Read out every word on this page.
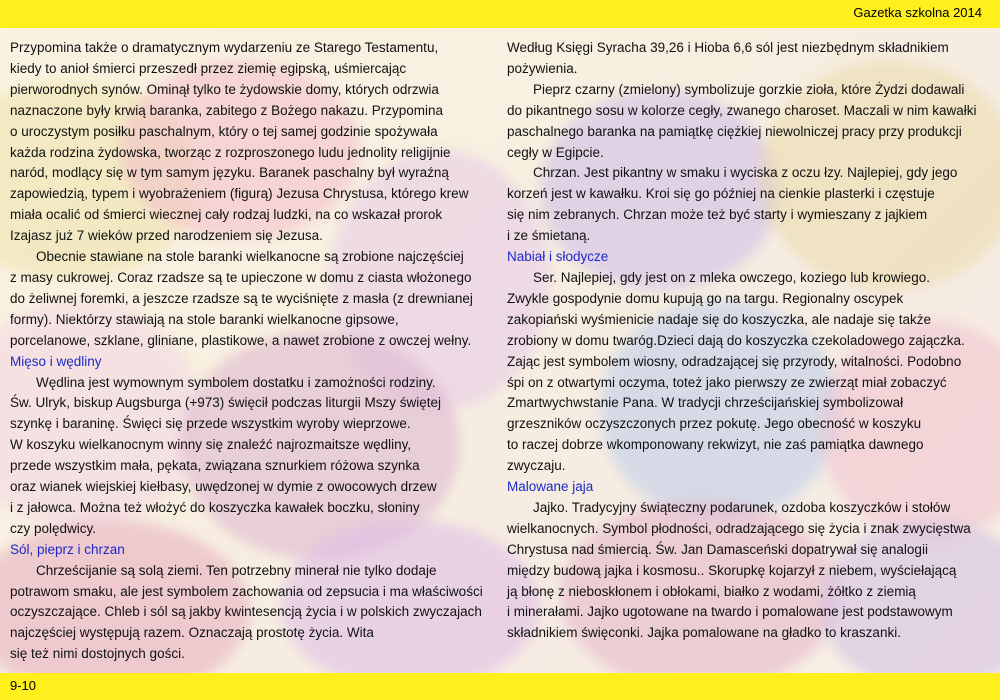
Gazetka szkolna 2014

Przypomina także o dramatycznym wydarzeniu ze Starego Testamentu,
kiedy to anioł śmierci przeszedł przez ziemię egipską, uśmiercając
pierworodnych synów. Ominął tylko te żydowskie domy, których odrzwia
naznaczone były krwią baranka, zabitego z Bożego nakazu. Przypomina
o uroczystym posiłku paschalnym, który o tej samej godzinie spożywała
każda rodzina żydowska, tworząc z rozproszonego ludu jednolity religijnie
naród, modlący się w tym samym języku. Baranek paschalny był wyraźną
zapowiedzią, typem i wyobrażeniem (figurą) Jezusa Chrystusa, którego krew
miała ocalić od śmierci wiecznej cały rodzaj ludzki, na co wskazał prorok
Izajasz już 7 wieków przed narodzeniem się Jezusa.

Obecnie stawiane na stole baranki wielkanocne są zrobione najczęściej
z masy cukrowej. Coraz rzadsze są te upieczone w domu z ciasta włożonego
do żeliwnej foremki, a jeszcze rzadsze są te wyciśnięte z masła (z drewnianej
formy). Niektórzy stawiają na stole baranki wielkanocne gipsowe,
porcelanowe, szklane, gliniane, plastikowe, a nawet zrobione z owczej wełny.

Mięso i wędliny

Wędlina jest wymownym symbolem dostatku i zamożności rodziny.
Św. Ulryk, biskup Augsburga (+973) święcił podczas liturgii Mszy świętej
szynkę i baraninę. Święci się przede wszystkim wyroby wieprzowe.
W koszyku wielkanocnym winny się znaleźć najrozmaitsze wędliny,
przede wszystkim mała, pękata, związana sznurkiem różowa szynka
oraz wianek wiejskiej kiełbasy, uwędzonej w dymie z owocowych drzew
i z jałowca. Można też włożyć do koszyczka kawałek boczku, słoniny
czy polędwicy.

Sól, pieprz i chrzan

Chrześcijanie są solą ziemi. Ten potrzebny minerał nie tylko dodaje
potrawom smaku, ale jest symbolem zachowania od zepsucia i ma właściwości
oczyszczające. Chleb i sól są jakby kwintesencją życia i w polskich zwyczajach
najczęściej występują razem. Oznaczają prostotę życia. Wita
się też nimi dostojnych gości.

Według Księgi Syracha 39,26 i Hioba 6,6 sól jest niezbędnym składnikiem
pożywienia.

Pieprz czarny (zmielony) symbolizuje gorzkie zioła, które Żydzi dodawali
do pikantnego sosu w kolorze cegły, zwanego charoset. Maczali w nim kawałki
paschalnego baranka na pamiątkę ciężkiej niewolniczej pracy przy produkcji
cegły w Egipcie.

Chrzan. Jest pikantny w smaku i wyciska z oczu łzy. Najlepiej, gdy jego
korzeń jest w kawałku. Kroi się go później na cienkie plasterki i częstuje
się nim zebranych. Chrzan może też być starty i wymieszany z jajkiem
i ze śmietaną.

Nabiał i słodycze

Ser. Najlepiej, gdy jest on z mleka owczego, koziego lub krowiego.
Zwykle gospodynie domu kupują go na targu. Regionalny oscypek
zakopiański wyśmienicie nadaje się do koszyczka, ale nadaje się także
zrobiony w domu twaróg.Dzieci dają do koszyczka czekoladowego zajączka.
Zając jest symbolem wiosny, odradzającej się przyrody, witalności. Podobno
śpi on z otwartymi oczyma, toteż jako pierwszy ze zwierząt miał zobaczyć
Zmartwychwstanie Pana. W tradycji chrześcijańskiej symbolizował
grzeszników oczyszczonych przez pokutę. Jego obecność w koszyku
to raczej dobrze wkomponowany rekwizyt, nie zaś pamiątka dawnego
zwyczaju.

Malowane jaja

Jajko. Tradycyjny świąteczny podarunek, ozdoba koszyczków i stołów
wielkanocnych. Symbol płodności, odradzającego się życia i znak zwycięstwa
Chrystusa nad śmiercią. Św. Jan Damasceński dopatrywał się analogii
między budową jajka i kosmosu.. Skorupkę kojarzył z niebem, wyściełającą
ją błonę z nieboskłonem i obłokami, białko z wodami, żółtko z ziemią
i minerałami. Jajko ugotowane na twardo i pomalowane jest podstawowym
składnikiem święconki. Jajka pomalowane na gładko to kraszanki.

9-10
